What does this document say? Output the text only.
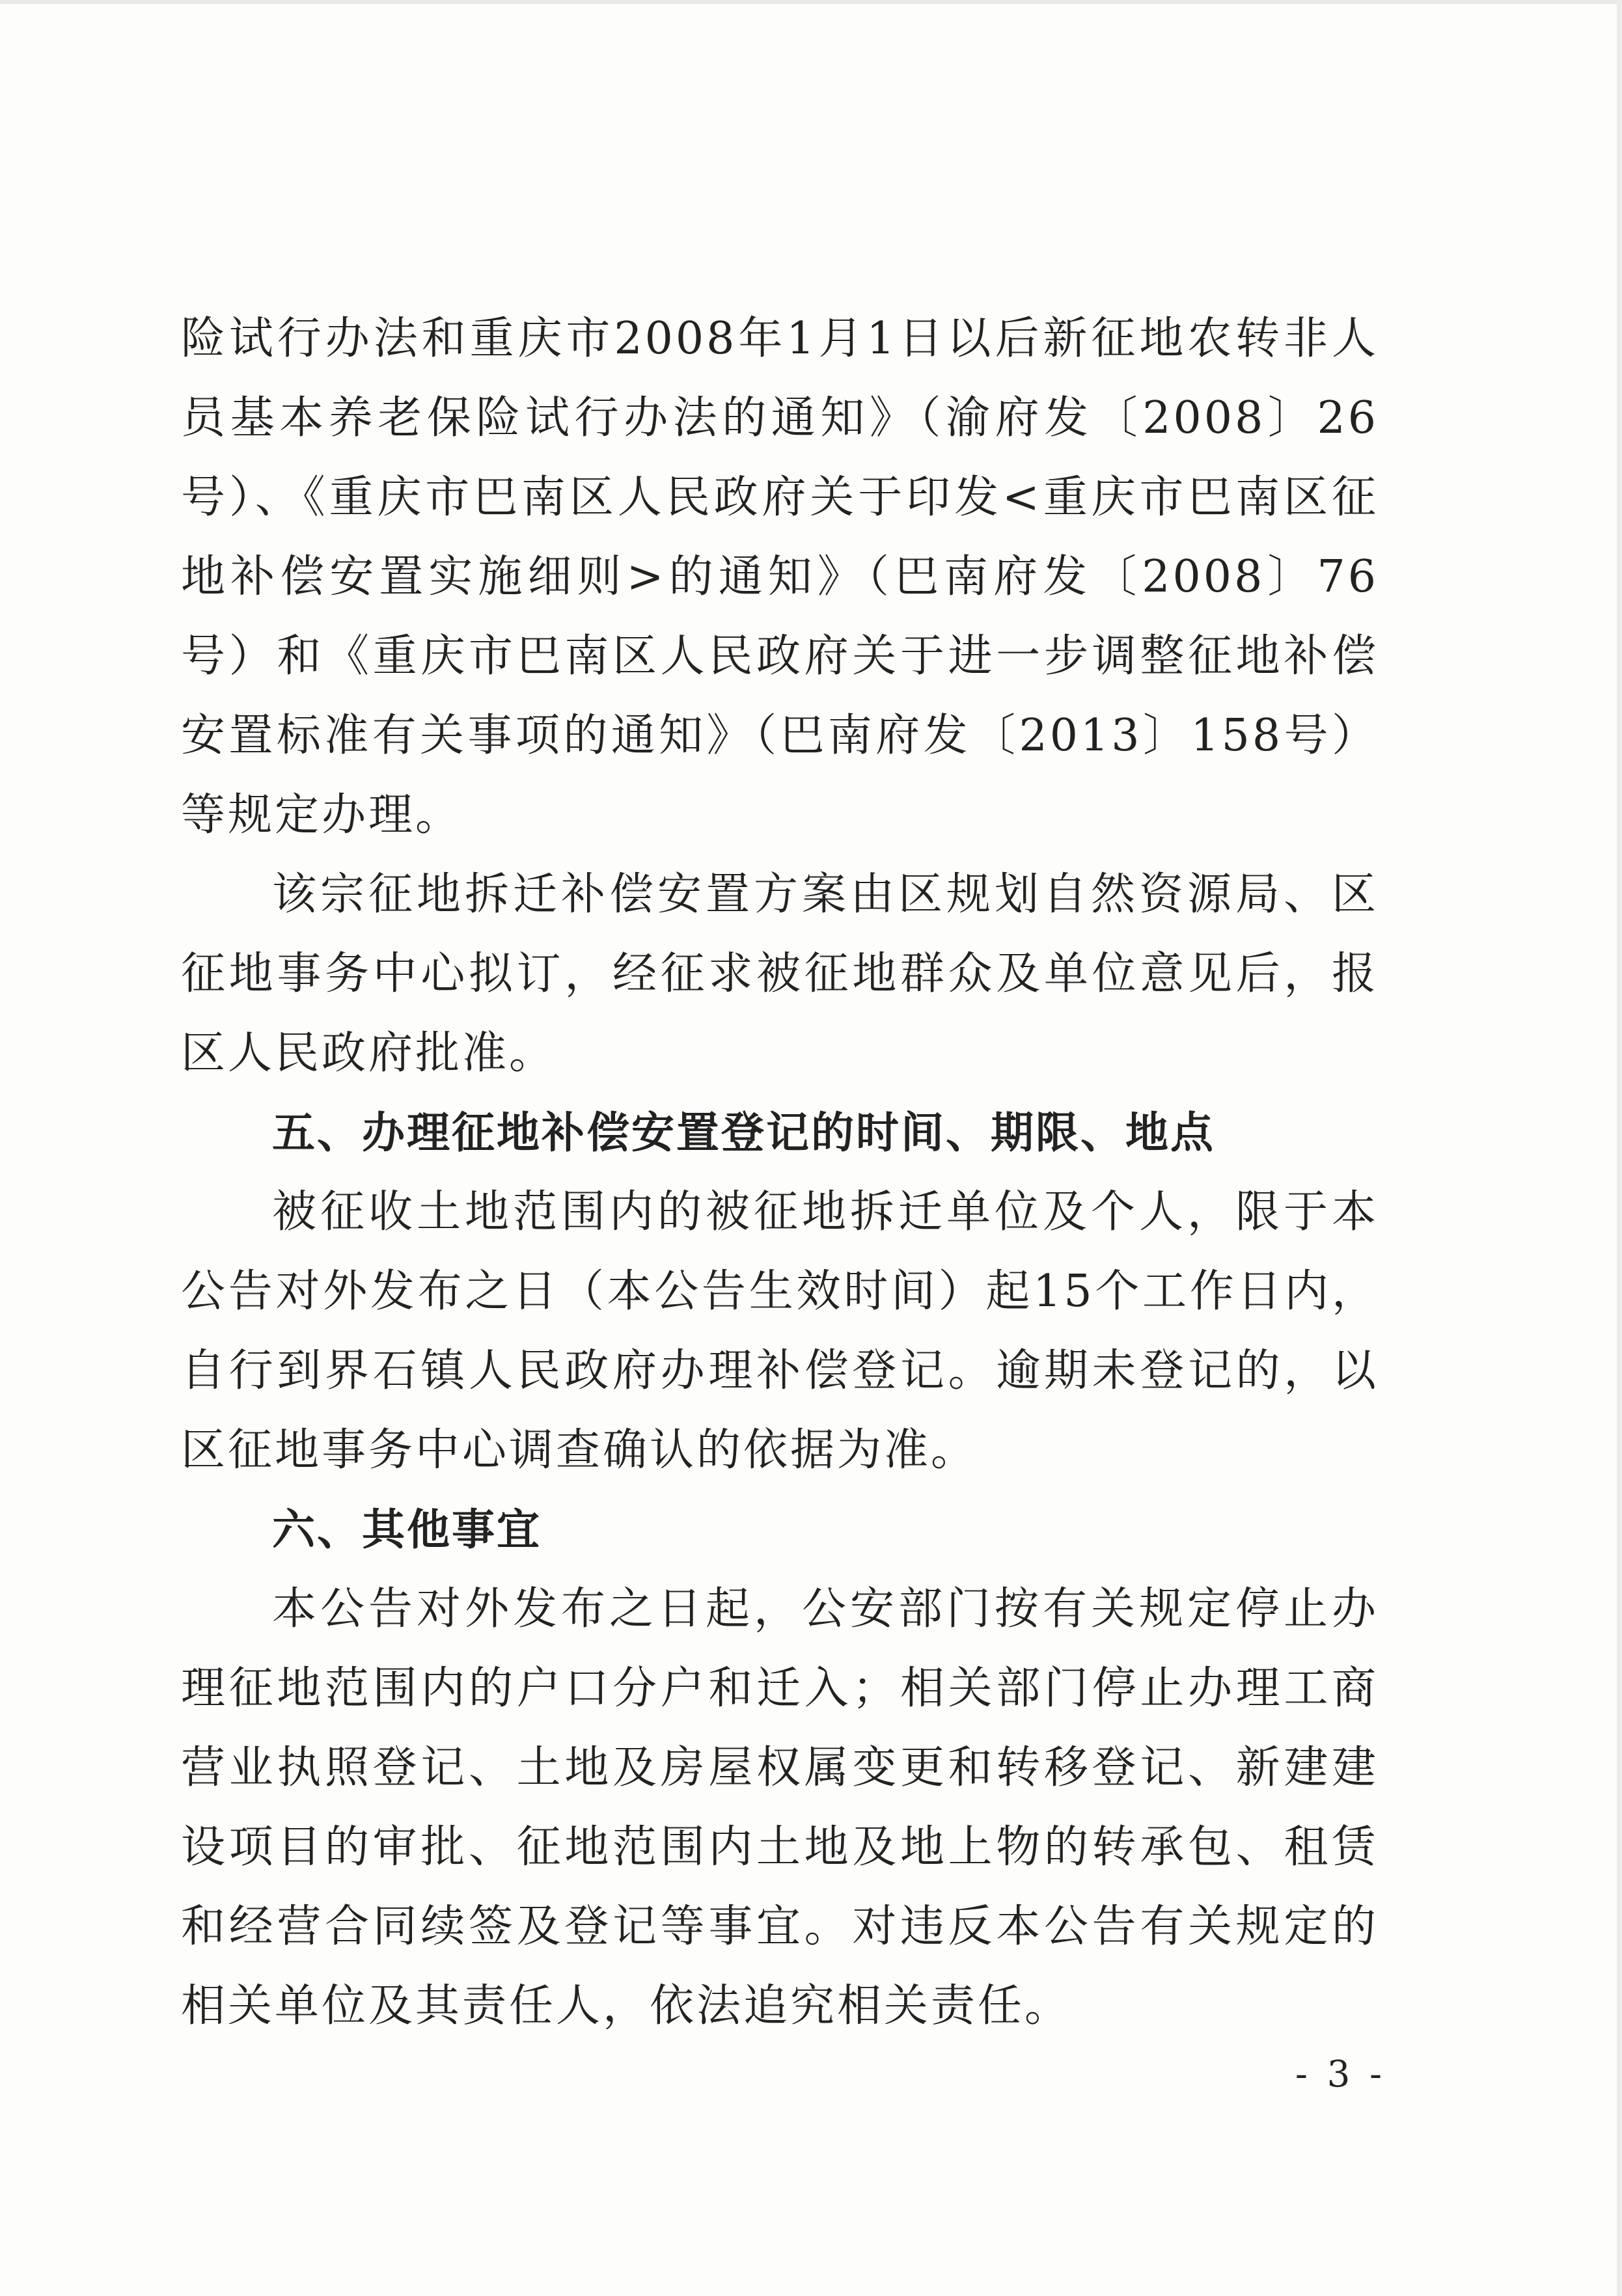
险试行办法和重庆市2008年1月1日以后新征地农转非人员基本养老保险试行办法的通知》（渝府发〔2008〕26号）、《重庆市巴南区人民政府关于印发<重庆市巴南区征地补偿安置实施细则>的通知》（巴南府发〔2008〕76号）和《重庆市巴南区人民政府关于进一步调整征地补偿安置标准有关事项的通知》（巴南府发〔2013〕158号）等规定办理。

该宗征地拆迁补偿安置方案由区规划自然资源局、区征地事务中心拟订，经征求被征地群众及单位意见后，报区人民政府批准。

五、办理征地补偿安置登记的时间、期限、地点

被征收土地范围内的被征地拆迁单位及个人，限于本公告对外发布之日（本公告生效时间）起15个工作日内，自行到界石镇人民政府办理补偿登记。逾期未登记的，以区征地事务中心调查确认的依据为准。

六、其他事宜

本公告对外发布之日起，公安部门按有关规定停止办理征地范围内的户口分户和迁入；相关部门停止办理工商营业执照登记、土地及房屋权属变更和转移登记、新建建设项目的审批、征地范围内土地及地上物的转承包、租赁和经营合同续签及登记等事宜。对违反本公告有关规定的相关单位及其责任人，依法追究相关责任。

- 3 -
